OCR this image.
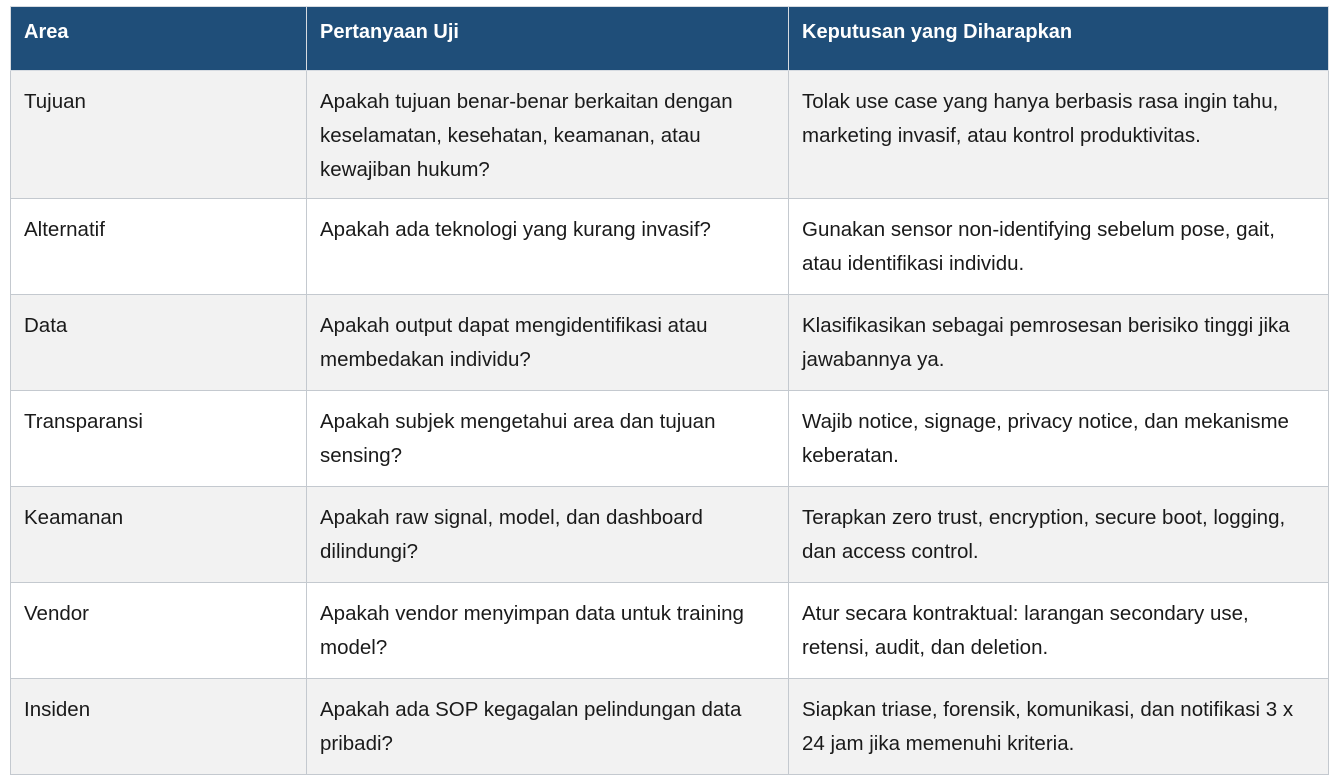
Area	Pertanyaan Uji	Keputusan yang Diharapkan
Tujuan	Apakah tujuan benar-benar berkaitan dengan keselamatan, kesehatan, keamanan, atau kewajiban hukum?	Tolak use case yang hanya berbasis rasa ingin tahu, marketing invasif, atau kontrol produktivitas.
Alternatif	Apakah ada teknologi yang kurang invasif?	Gunakan sensor non-identifying sebelum pose, gait, atau identifikasi individu.
Data	Apakah output dapat mengidentifikasi atau membedakan individu?	Klasifikasikan sebagai pemrosesan berisiko tinggi jika jawabannya ya.
Transparansi	Apakah subjek mengetahui area dan tujuan sensing?	Wajib notice, signage, privacy notice, dan mekanisme keberatan.
Keamanan	Apakah raw signal, model, dan dashboard dilindungi?	Terapkan zero trust, encryption, secure boot, logging, dan access control.
Vendor	Apakah vendor menyimpan data untuk training model?	Atur secara kontraktual: larangan secondary use, retensi, audit, dan deletion.
Insiden	Apakah ada SOP kegagalan pelindungan data pribadi?	Siapkan triase, forensik, komunikasi, dan notifikasi 3 x 24 jam jika memenuhi kriteria.
